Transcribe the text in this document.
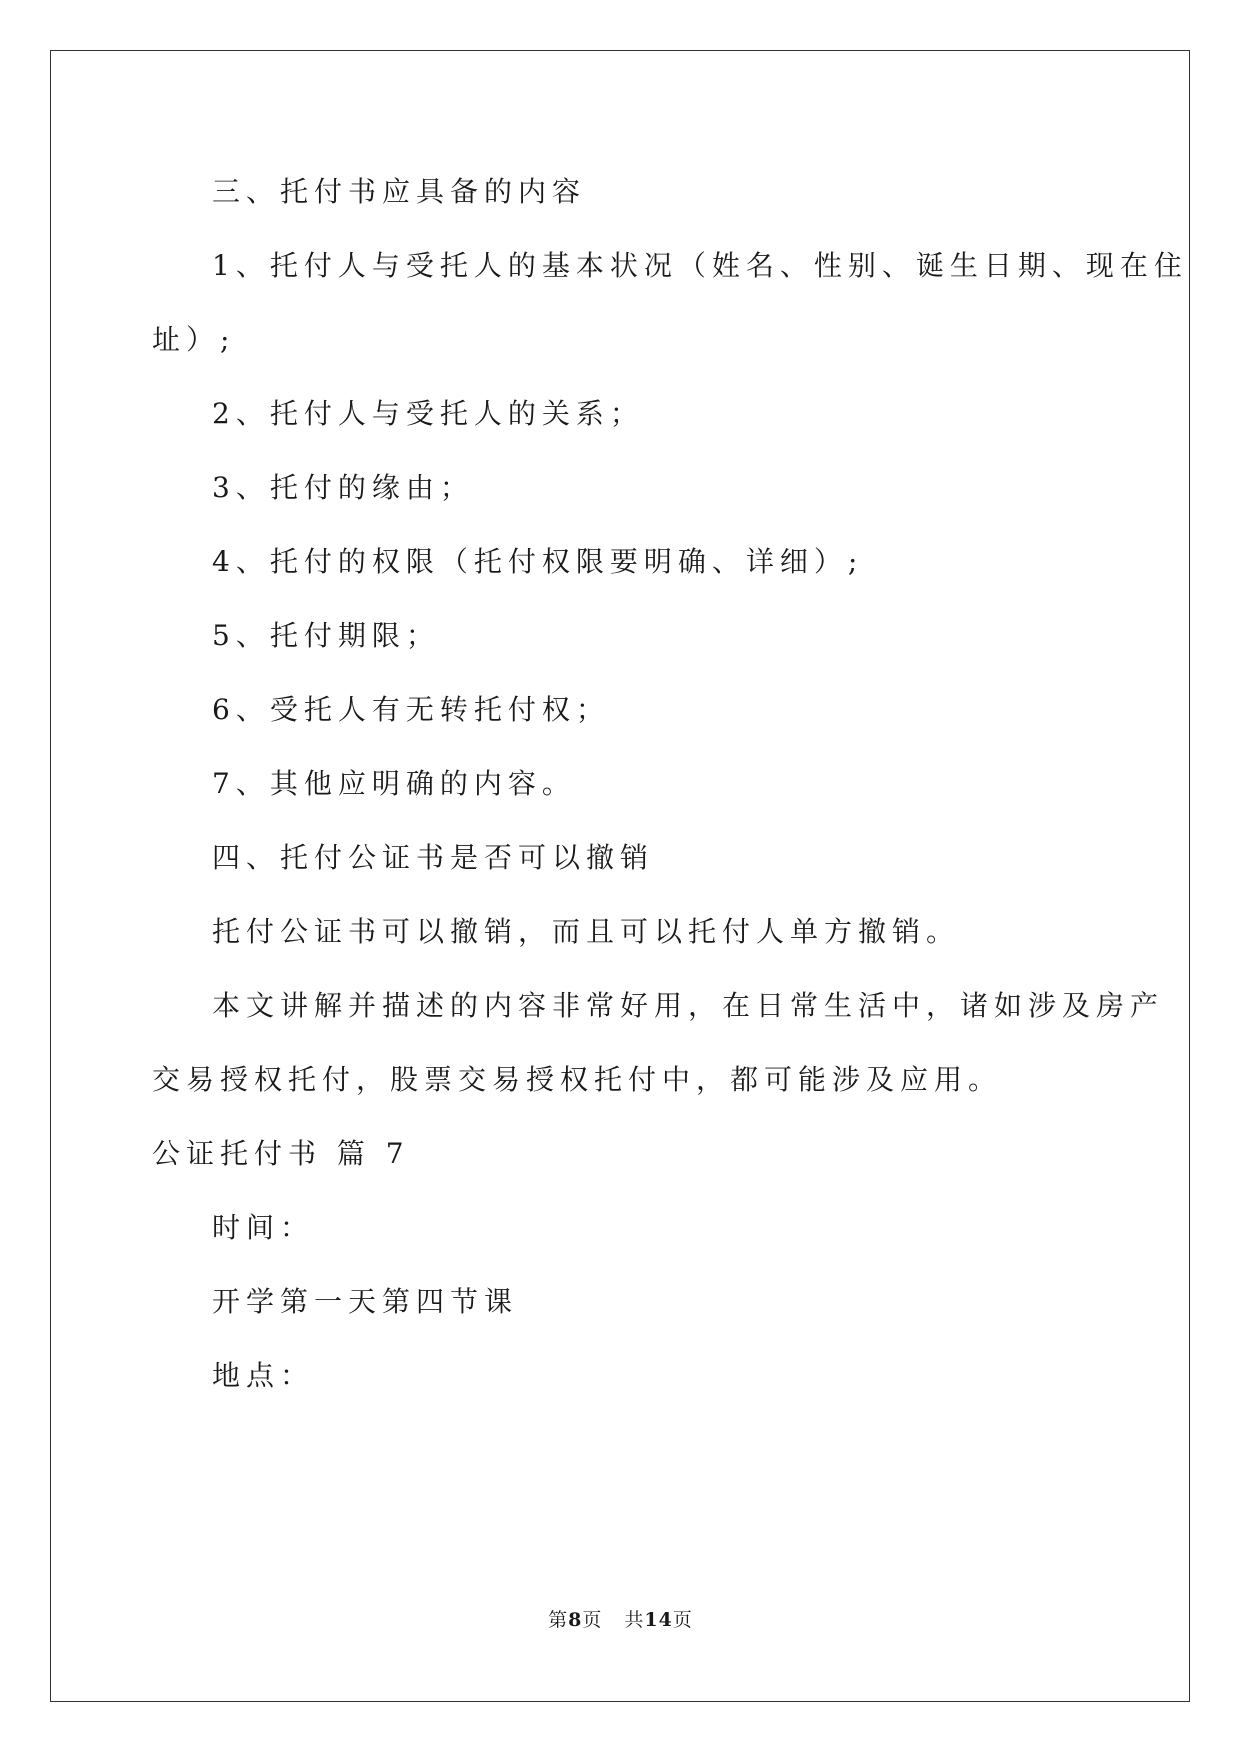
三、托付书应具备的内容
1、托付人与受托人的基本状况（姓名、性别、诞生日期、现在住
址）;
2、托付人与受托人的关系；
3、托付的缘由；
4、托付的权限（托付权限要明确、详细）;
5、托付期限；
6、受托人有无转托付权；
7、其他应明确的内容。
四、托付公证书是否可以撤销
托付公证书可以撤销，而且可以托付人单方撤销。
本文讲解并描述的内容非常好用，在日常生活中，诸如涉及房产
交易授权托付，股票交易授权托付中，都可能涉及应用。
公证托付书 篇 7
时间：
开学第一天第四节课
地点：
第8页 共14页
